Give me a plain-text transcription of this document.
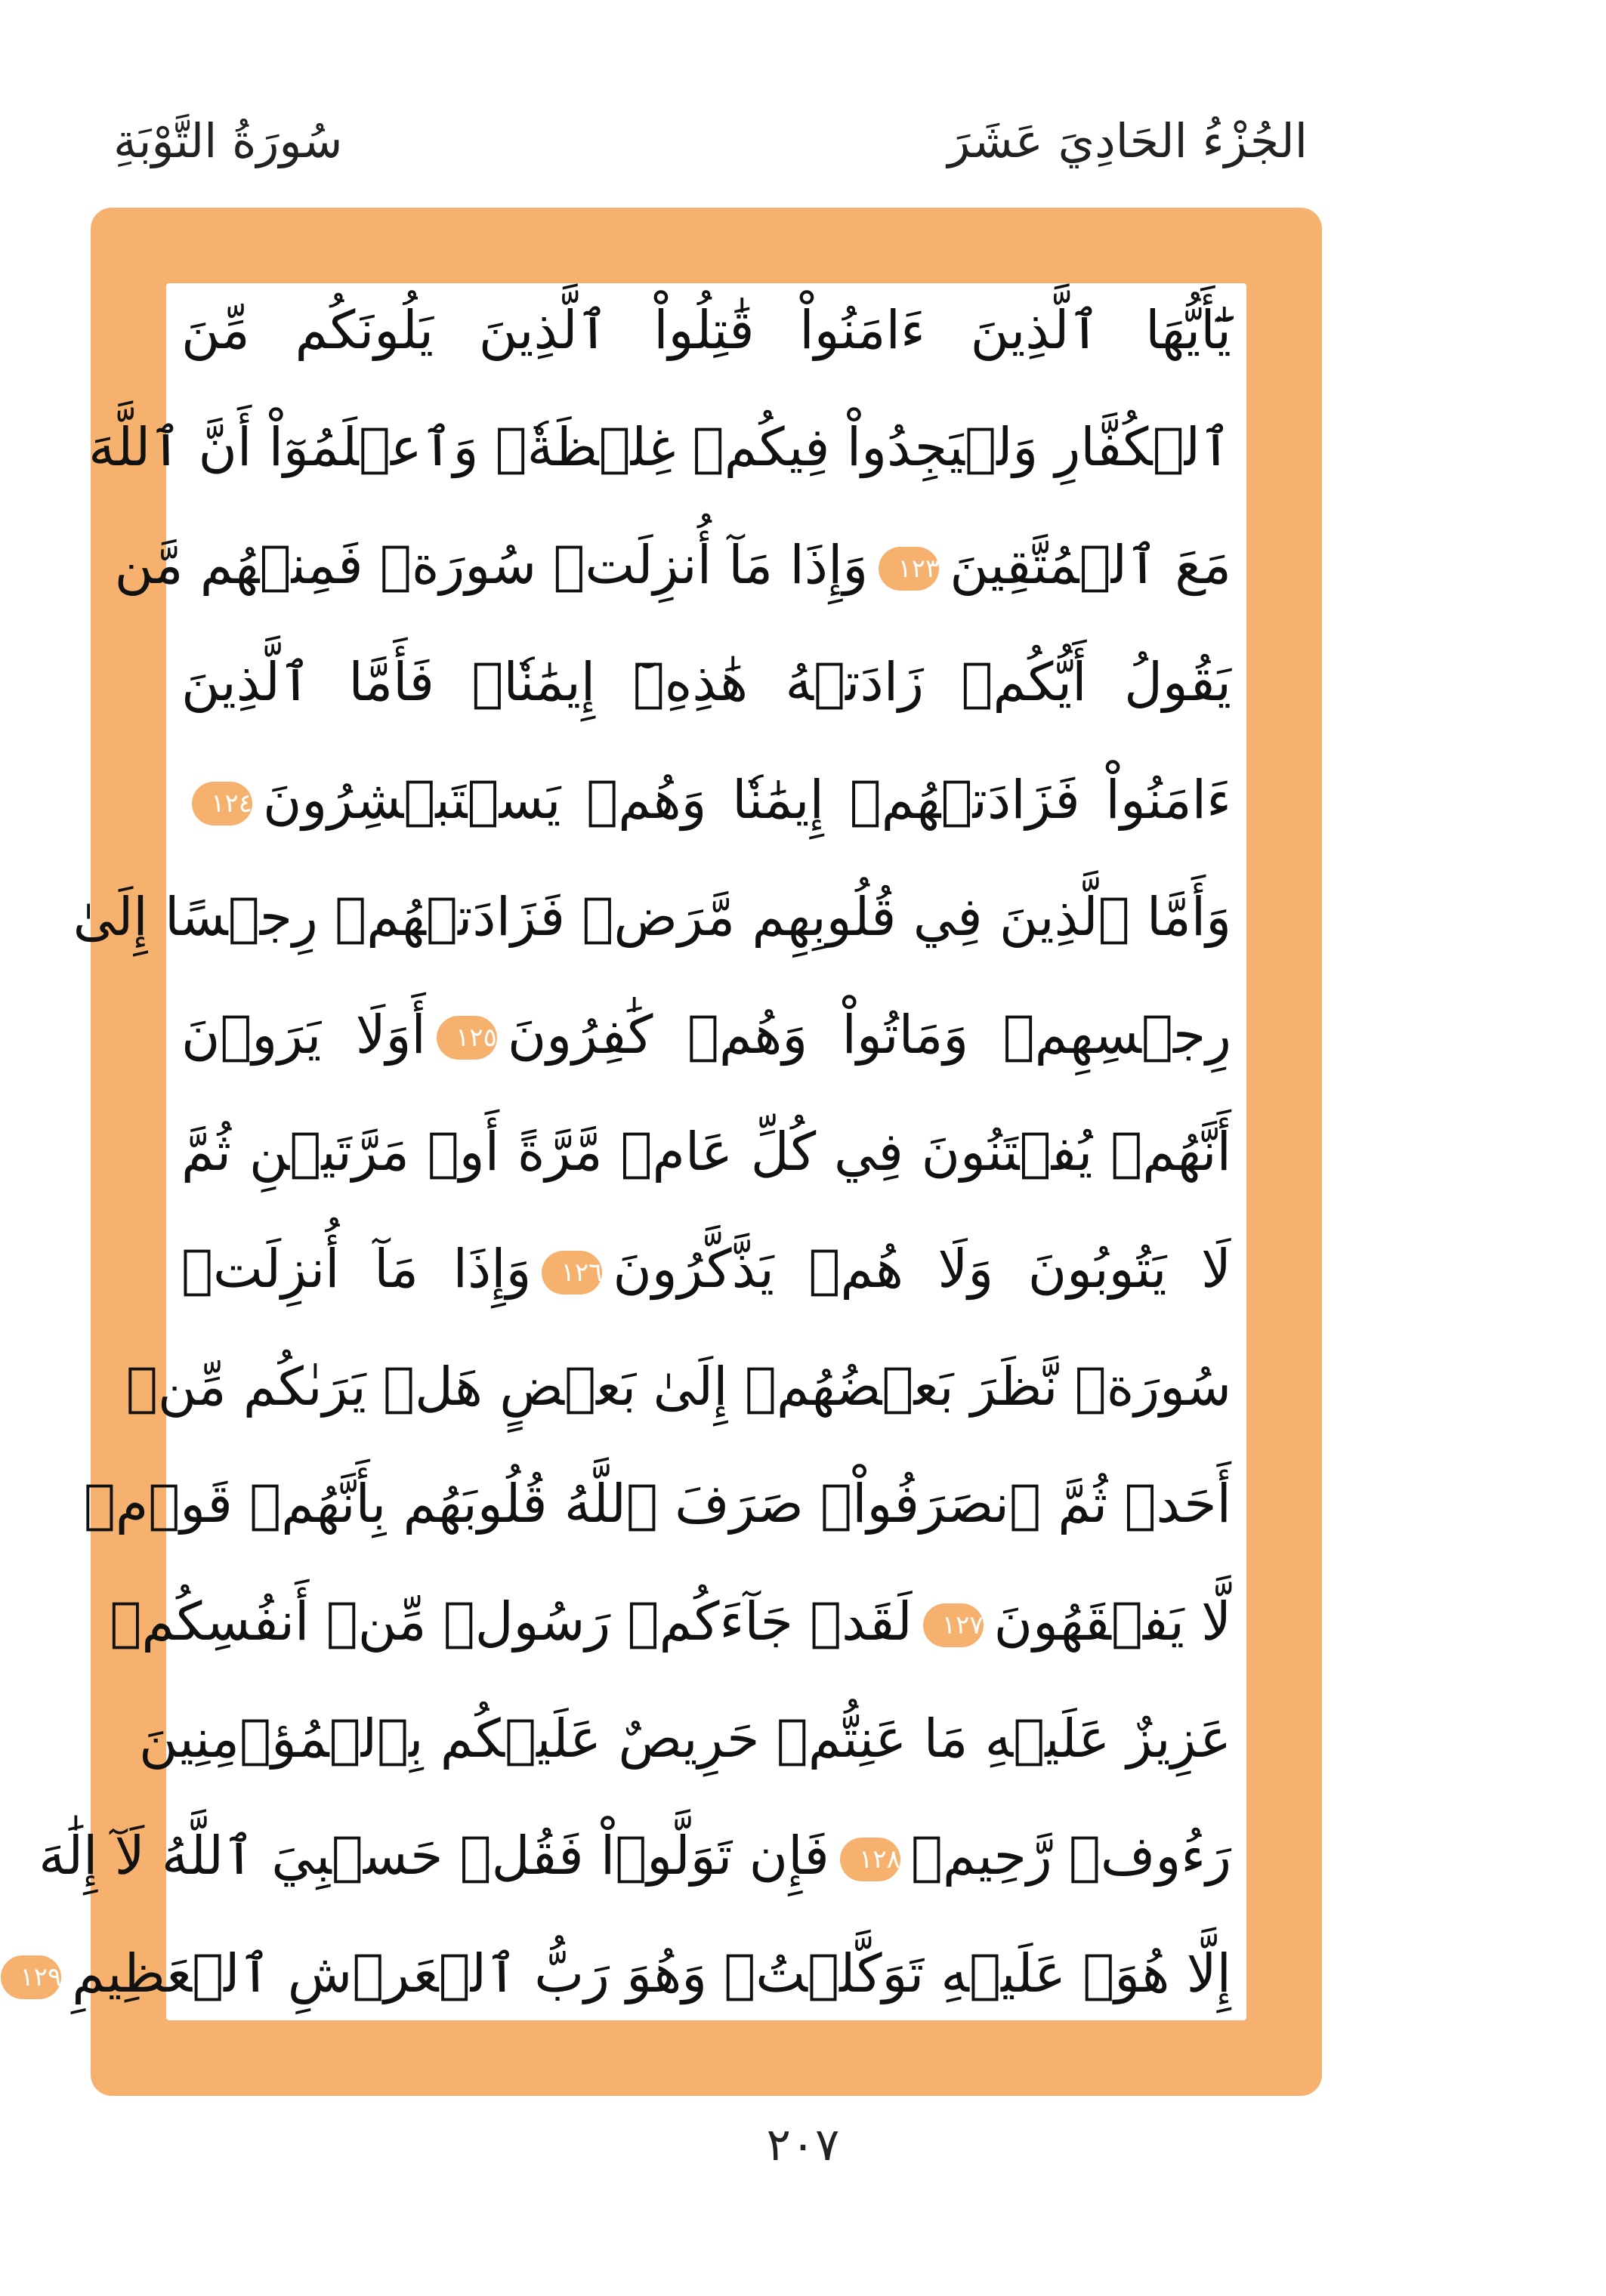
الجُزْءُ الحَادِيَ عَشَرَ
سُورَةُ التَّوْبَةِ
يَٰٓأَيُّهَا ٱلَّذِينَ ءَامَنُواْ قَٰتِلُواْ ٱلَّذِينَ يَلُونَكُم مِّنَ
ٱلۡكُفَّارِ وَلۡيَجِدُواْ فِيكُمۡ غِلۡظَةٗۚ وَٱعۡلَمُوٓاْ أَنَّ ٱللَّهَ
مَعَ ٱلۡمُتَّقِينَ١٢٣وَإِذَا مَآ أُنزِلَتۡ سُورَةٞ فَمِنۡهُم مَّن
يَقُولُ أَيُّكُمۡ زَادَتۡهُ هَٰذِهِۦٓ إِيمَٰنٗاۚ فَأَمَّا ٱلَّذِينَ
ءَامَنُواْ فَزَادَتۡهُمۡ إِيمَٰنٗا وَهُمۡ يَسۡتَبۡشِرُونَ١٢٤
وَأَمَّا ٱلَّذِينَ فِي قُلُوبِهِم مَّرَضٞ فَزَادَتۡهُمۡ رِجۡسًا إِلَىٰ
رِجۡسِهِمۡ وَمَاتُواْ وَهُمۡ كَٰفِرُونَ١٢٥أَوَلَا يَرَوۡنَ
أَنَّهُمۡ يُفۡتَنُونَ فِي كُلِّ عَامٖ مَّرَّةً أَوۡ مَرَّتَيۡنِ ثُمَّ
لَا يَتُوبُونَ وَلَا هُمۡ يَذَّكَّرُونَ١٢٦وَإِذَا مَآ أُنزِلَتۡ
سُورَةٞ نَّظَرَ بَعۡضُهُمۡ إِلَىٰ بَعۡضٍ هَلۡ يَرَىٰكُم مِّنۡ
أَحَدٖ ثُمَّ ٱنصَرَفُواْۚ صَرَفَ ٱللَّهُ قُلُوبَهُم بِأَنَّهُمۡ قَوۡمٞ
لَّا يَفۡقَهُونَ١٢٧لَقَدۡ جَآءَكُمۡ رَسُولٞ مِّنۡ أَنفُسِكُمۡ
عَزِيزٌ عَلَيۡهِ مَا عَنِتُّمۡ حَرِيصٌ عَلَيۡكُم بِٱلۡمُؤۡمِنِينَ
رَءُوفٞ رَّحِيمٞ١٢٨فَإِن تَوَلَّوۡاْ فَقُلۡ حَسۡبِيَ ٱللَّهُ لَآ إِلَٰهَ
إِلَّا هُوَۖ عَلَيۡهِ تَوَكَّلۡتُۖ وَهُوَ رَبُّ ٱلۡعَرۡشِ ٱلۡعَظِيمِ١٢٩
٢٠٧
